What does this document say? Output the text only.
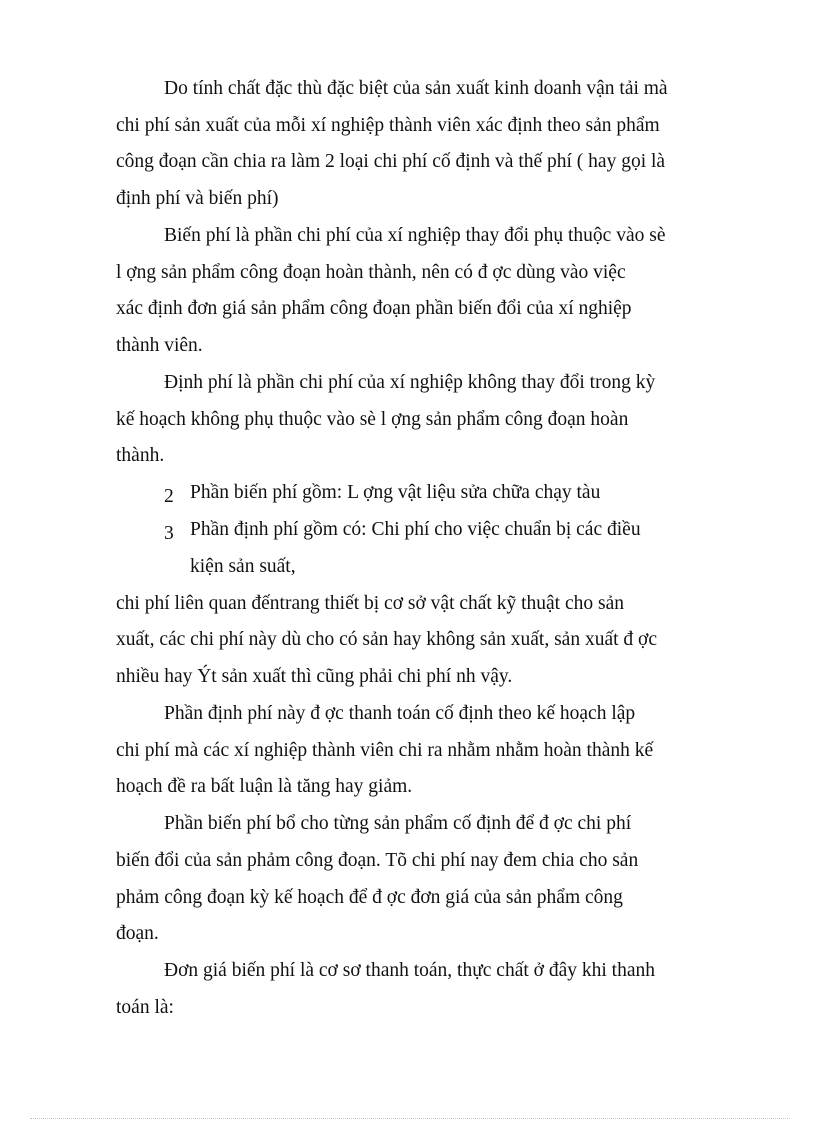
Do tính chất đặc thù đặc biệt của sản xuất kinh doanh vận tải mà
chi phí sản xuất của mỗi xí nghiệp thành viên xác định theo sản phẩm
công đoạn cần chia ra làm 2 loại chi phí cố định và thế phí ( hay gọi là
định phí và biến phí)
Biến phí là phần chi phí của xí nghiệp thay đổi phụ thuộc vào sè
l ợng sản phẩm công đoạn hoàn thành, nên có đ ợc dùng vào việc
xác định đơn giá sản phẩm công đoạn phần biến đổi của xí nghiệp
thành viên.
Định phí là phần chi phí của xí nghiệp không thay đổi trong kỳ
kế hoạch không phụ thuộc vào sè l ợng sản phẩm công đoạn hoàn
thành.
2 Phần biến phí gồm: L ợng vật liệu sửa chữa chạy tàu
3 Phần định phí gồm có: Chi phí cho việc chuẩn bị các điều
kiện sản suất,
chi phí liên quan đếntrang thiết bị cơ sở vật chất kỹ thuật cho sản
xuất, các chi phí này dù cho có sản hay không sản xuất, sản xuất đ ợc
nhiều hay Ýt sản xuất thì cũng phải chi phí nh vậy.
Phần định phí này đ ợc thanh toán cố định theo kế hoạch lập
chi phí mà các xí nghiệp thành viên chi ra nhằm nhằm hoàn thành kế
hoạch đề ra bất luận là tăng hay giảm.
Phần biến phí bổ cho từng sản phẩm cố định để đ ợc chi phí
biến đổi của sản phảm công đoạn. Tõ chi phí nay đem chia cho sản
phảm công đoạn kỳ kế hoạch để đ ợc đơn giá của sản phẩm công
đoạn.
Đơn giá biến phí là cơ sơ thanh toán, thực chất ở đây khi thanh
toán là:
